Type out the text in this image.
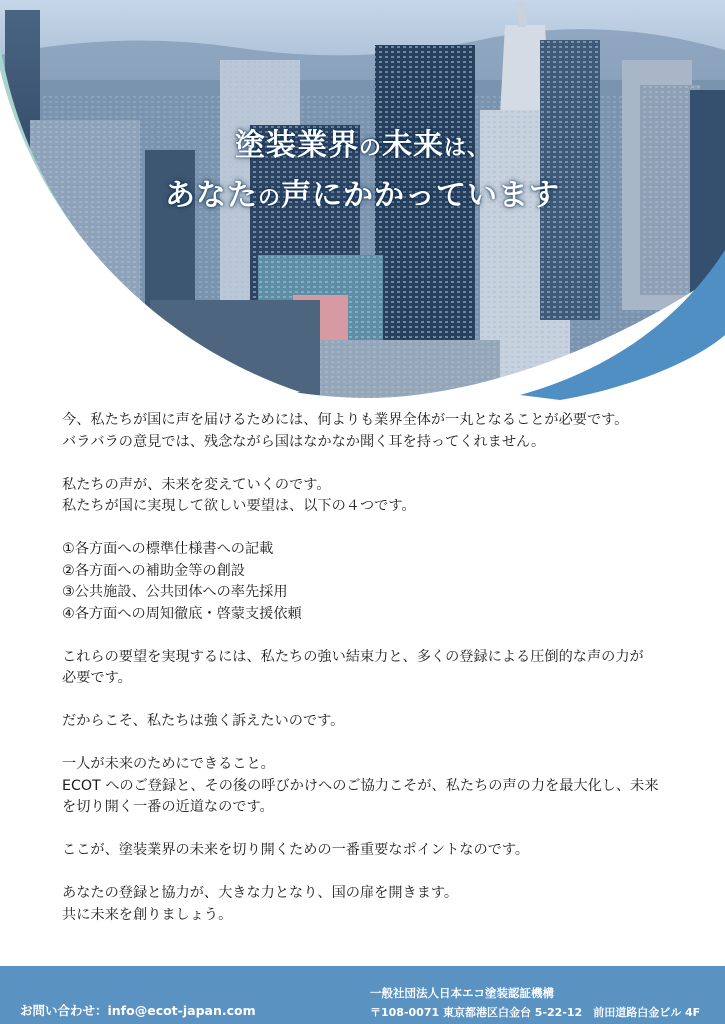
塗装業界の未来は、
あなたの声にかかっています

今、私たちが国に声を届けるためには、何よりも業界全体が一丸となることが必要です。

バラバラの意見では、残念ながら国はなかなか聞く耳を持ってくれません。

私たちの声が、未来を変えていくのです。

私たちが国に実現して欲しい要望は、以下の４つです。

①各方面への標準仕様書への記載

②各方面への補助金等の創設

③公共施設、公共団体への率先採用

④各方面への周知徹底・啓蒙支援依頼

これらの要望を実現するには、私たちの強い結束力と、多くの登録による圧倒的な声の力が

必要です。

だからこそ、私たちは強く訴えたいのです。

一人が未来のためにできること。

ECOT へのご登録と、その後の呼びかけへのご協力こそが、私たちの声の力を最大化し、未来

を切り開く一番の近道なのです。

ここが、塗装業界の未来を切り開くための一番重要なポイントなのです。

あなたの登録と協力が、大きな力となり、国の扉を開きます。

共に未来を創りましょう。

お問い合わせ：info@ecot-japan.com
一般社団法人日本エコ塗装認証機構
〒108-0071 東京都港区白金台 5-22-12　前田道路白金ビル 4F
